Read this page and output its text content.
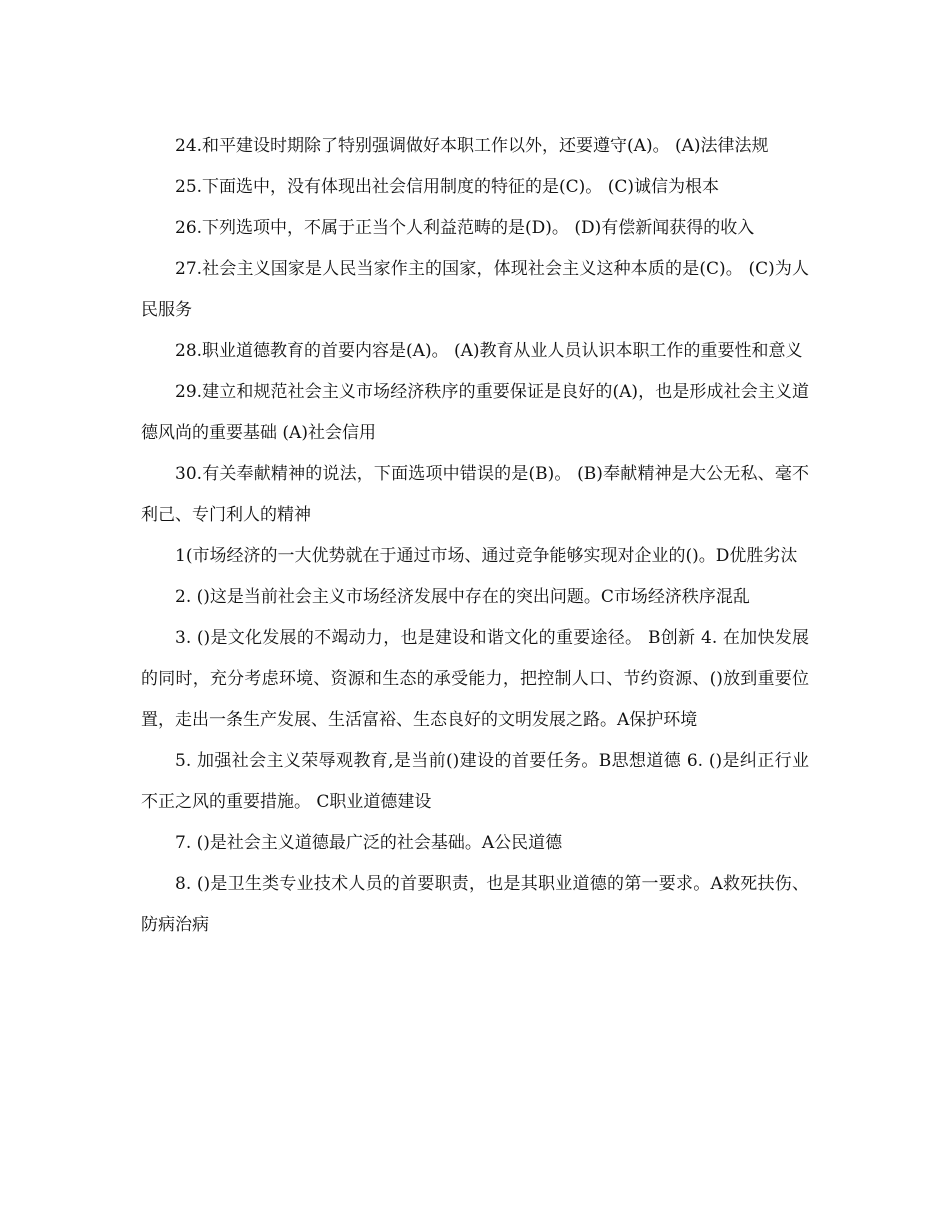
24.和平建设时期除了特别强调做好本职工作以外，还要遵守(A)。 (A)法律法规

25.下面选中，没有体现出社会信用制度的特征的是(C)。 (C)诚信为根本

26.下列选项中，不属于正当个人利益范畴的是(D)。 (D)有偿新闻获得的收入

27.社会主义国家是人民当家作主的国家，体现社会主义这种本质的是(C)。 (C)为人民服务

28.职业道德教育的首要内容是(A)。 (A)教育从业人员认识本职工作的重要性和意义

29.建立和规范社会主义市场经济秩序的重要保证是良好的(A)，也是形成社会主义道德风尚的重要基础 (A)社会信用

30.有关奉献精神的说法，下面选项中错误的是(B)。 (B)奉献精神是大公无私、毫不利己、专门利人的精神

1(市场经济的一大优势就在于通过市场、通过竞争能够实现对企业的()。D优胜劣汰

2. ()这是当前社会主义市场经济发展中存在的突出问题。C市场经济秩序混乱

3. ()是文化发展的不竭动力，也是建设和谐文化的重要途径。 B创新 4. 在加快发展的同时，充分考虑环境、资源和生态的承受能力，把控制人口、节约资源、()放到重要位置，走出一条生产发展、生活富裕、生态良好的文明发展之路。A保护环境

5. 加强社会主义荣辱观教育,是当前()建设的首要任务。B思想道德 6. ()是纠正行业不正之风的重要措施。 C职业道德建设

7. ()是社会主义道德最广泛的社会基础。A公民道德

8. ()是卫生类专业技术人员的首要职责，也是其职业道德的第一要求。A救死扶伤、防病治病
